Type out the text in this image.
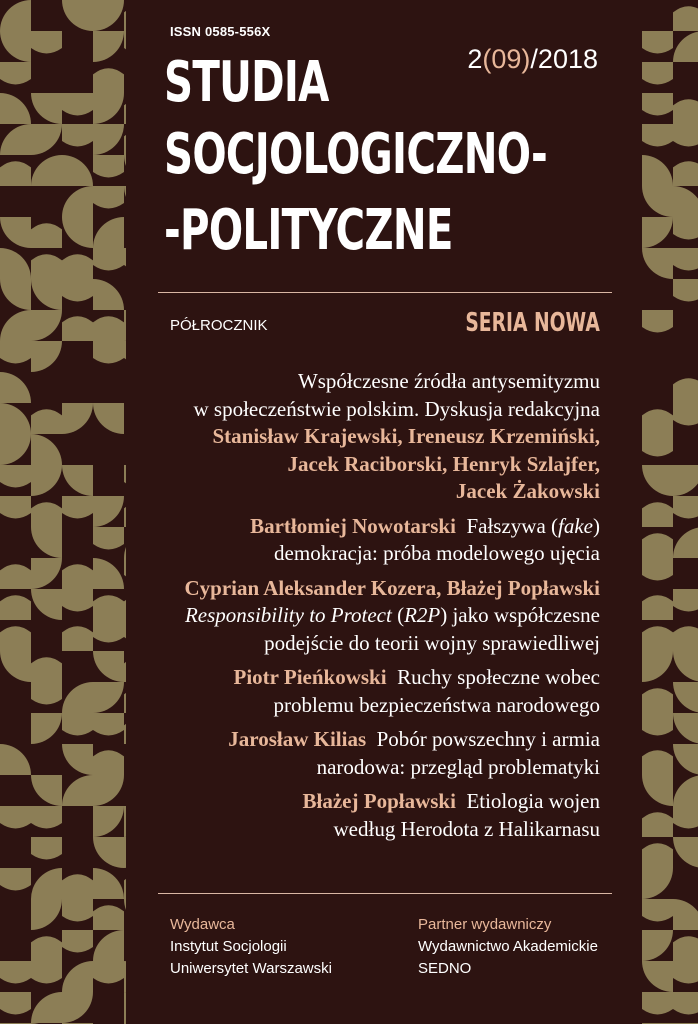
ISSN 0585-556X
2(09)/2018
STUDIA
SOCJOLOGICZNO-
-POLITYCZNE
PÓŁROCZNIK	SERIA NOWA

Współczesne źródła antysemityzmu

w społeczeństwie polskim. Dyskusja redakcyjna

Stanisław Krajewski, Ireneusz Krzemiński,

Jacek Raciborski, Henryk Szlajfer,

Jacek Żakowski

Bartłomiej Nowotarski Fałszywa (fake)

demokracja: próba modelowego ujęcia

Cyprian Aleksander Kozera, Błażej Popławski

Responsibility to Protect (R2P) jako współczesne

podejście do teorii wojny sprawiedliwej

Piotr Pieńkowski Ruchy społeczne wobec

problemu bezpieczeństwa narodowego

Jarosław Kilias Pobór powszechny i armia

narodowa: przegląd problematyki

Błażej Popławski Etiologia wojen

według Herodota z Halikarnasu

Wydawca
Instytut Socjologii
Uniwersytet Warszawski
Partner wydawniczy
Wydawnictwo Akademickie
SEDNO
